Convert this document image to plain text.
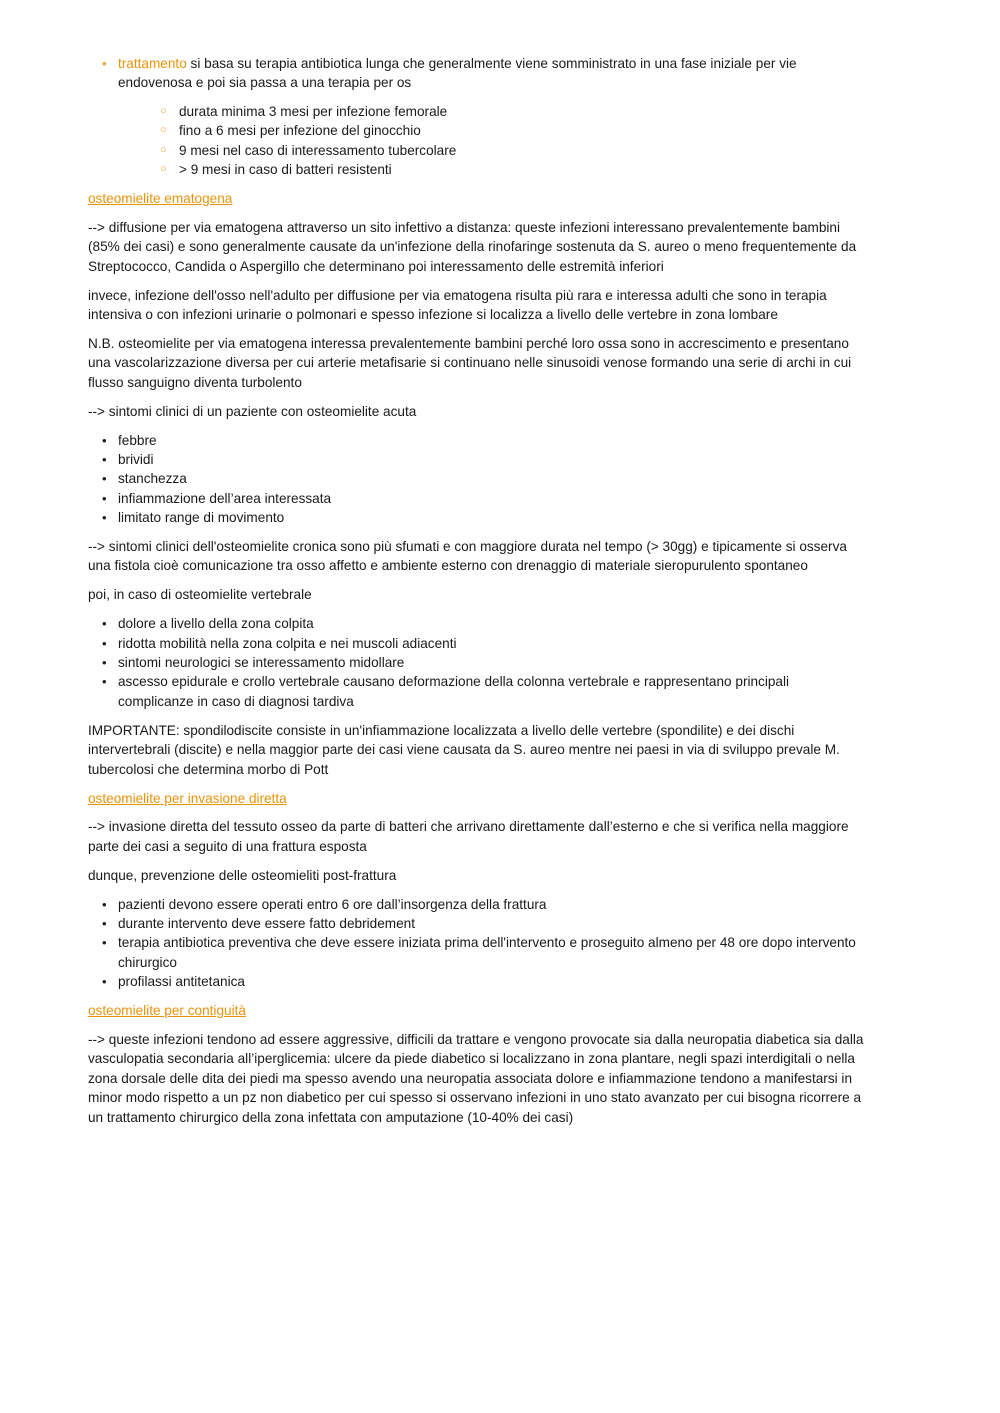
• trattamento si basa su terapia antibiotica lunga che generalmente viene somministrato in una fase iniziale per vie endovenosa e poi sia passa a una terapia per os
○ durata minima 3 mesi per infezione femorale
○ fino a 6 mesi per infezione del ginocchio
○ 9 mesi nel caso di interessamento tubercolare
○ > 9 mesi in caso di batteri resistenti
osteomielite ematogena

--> diffusione per via ematogena attraverso un sito infettivo a distanza: queste infezioni interessano prevalentemente bambini (85% dei casi) e sono generalmente causate da un'infezione della rinofaringe sostenuta da S. aureo o meno frequentemente da Streptococco, Candida o Aspergillo che determinano poi interessamento delle estremità inferiori

invece, infezione dell'osso nell'adulto per diffusione per via ematogena risulta più rara e interessa adulti che sono in terapia intensiva o con infezioni urinarie o polmonari e spesso infezione si localizza a livello delle vertebre in zona lombare

N.B. osteomielite per via ematogena interessa prevalentemente bambini perché loro ossa sono in accrescimento e presentano una vascolarizzazione diversa per cui arterie metafisarie si continuano nelle sinusoidi venose formando una serie di archi in cui flusso sanguigno diventa turbolento

--> sintomi clinici di un paziente con osteomielite acuta

• febbre
• brividi
• stanchezza
• infiammazione dell’area interessata
• limitato range di movimento

--> sintomi clinici dell'osteomielite cronica sono più sfumati e con maggiore durata nel tempo (> 30gg) e tipicamente si osserva una fistola cioè comunicazione tra osso affetto e ambiente esterno con drenaggio di materiale sieropurulento spontaneo

poi, in caso di osteomielite vertebrale

• dolore a livello della zona colpita
• ridotta mobilità nella zona colpita e nei muscoli adiacenti
• sintomi neurologici se interessamento midollare
• ascesso epidurale e crollo vertebrale causano deformazione della colonna vertebrale e rappresentano principali complicanze in caso di diagnosi tardiva

IMPORTANTE: spondilodiscite consiste in un'infiammazione localizzata a livello delle vertebre (spondilite) e dei dischi intervertebrali (discite) e nella maggior parte dei casi viene causata da S. aureo mentre nei paesi in via di sviluppo prevale M. tubercolosi che determina morbo di Pott

osteomielite per invasione diretta

--> invasione diretta del tessuto osseo da parte di batteri che arrivano direttamente dall’esterno e che si verifica nella maggiore parte dei casi a seguito di una frattura esposta

dunque, prevenzione delle osteomieliti post-frattura

• pazienti devono essere operati entro 6 ore dall’insorgenza della frattura
• durante intervento deve essere fatto debridement
• terapia antibiotica preventiva che deve essere iniziata prima dell'intervento e proseguito almeno per 48 ore dopo intervento chirurgico
• profilassi antitetanica
osteomielite per contiguità

--> queste infezioni tendono ad essere aggressive, difficili da trattare e vengono provocate sia dalla neuropatia diabetica sia dalla vasculopatia secondaria all’iperglicemia: ulcere da piede diabetico si localizzano in zona plantare, negli spazi interdigitali o nella zona dorsale delle dita dei piedi ma spesso avendo una neuropatia associata dolore e infiammazione tendono a manifestarsi in minor modo rispetto a un pz non diabetico per cui spesso si osservano infezioni in uno stato avanzato per cui bisogna ricorrere a un trattamento chirurgico della zona infettata con amputazione (10-40% dei casi)
